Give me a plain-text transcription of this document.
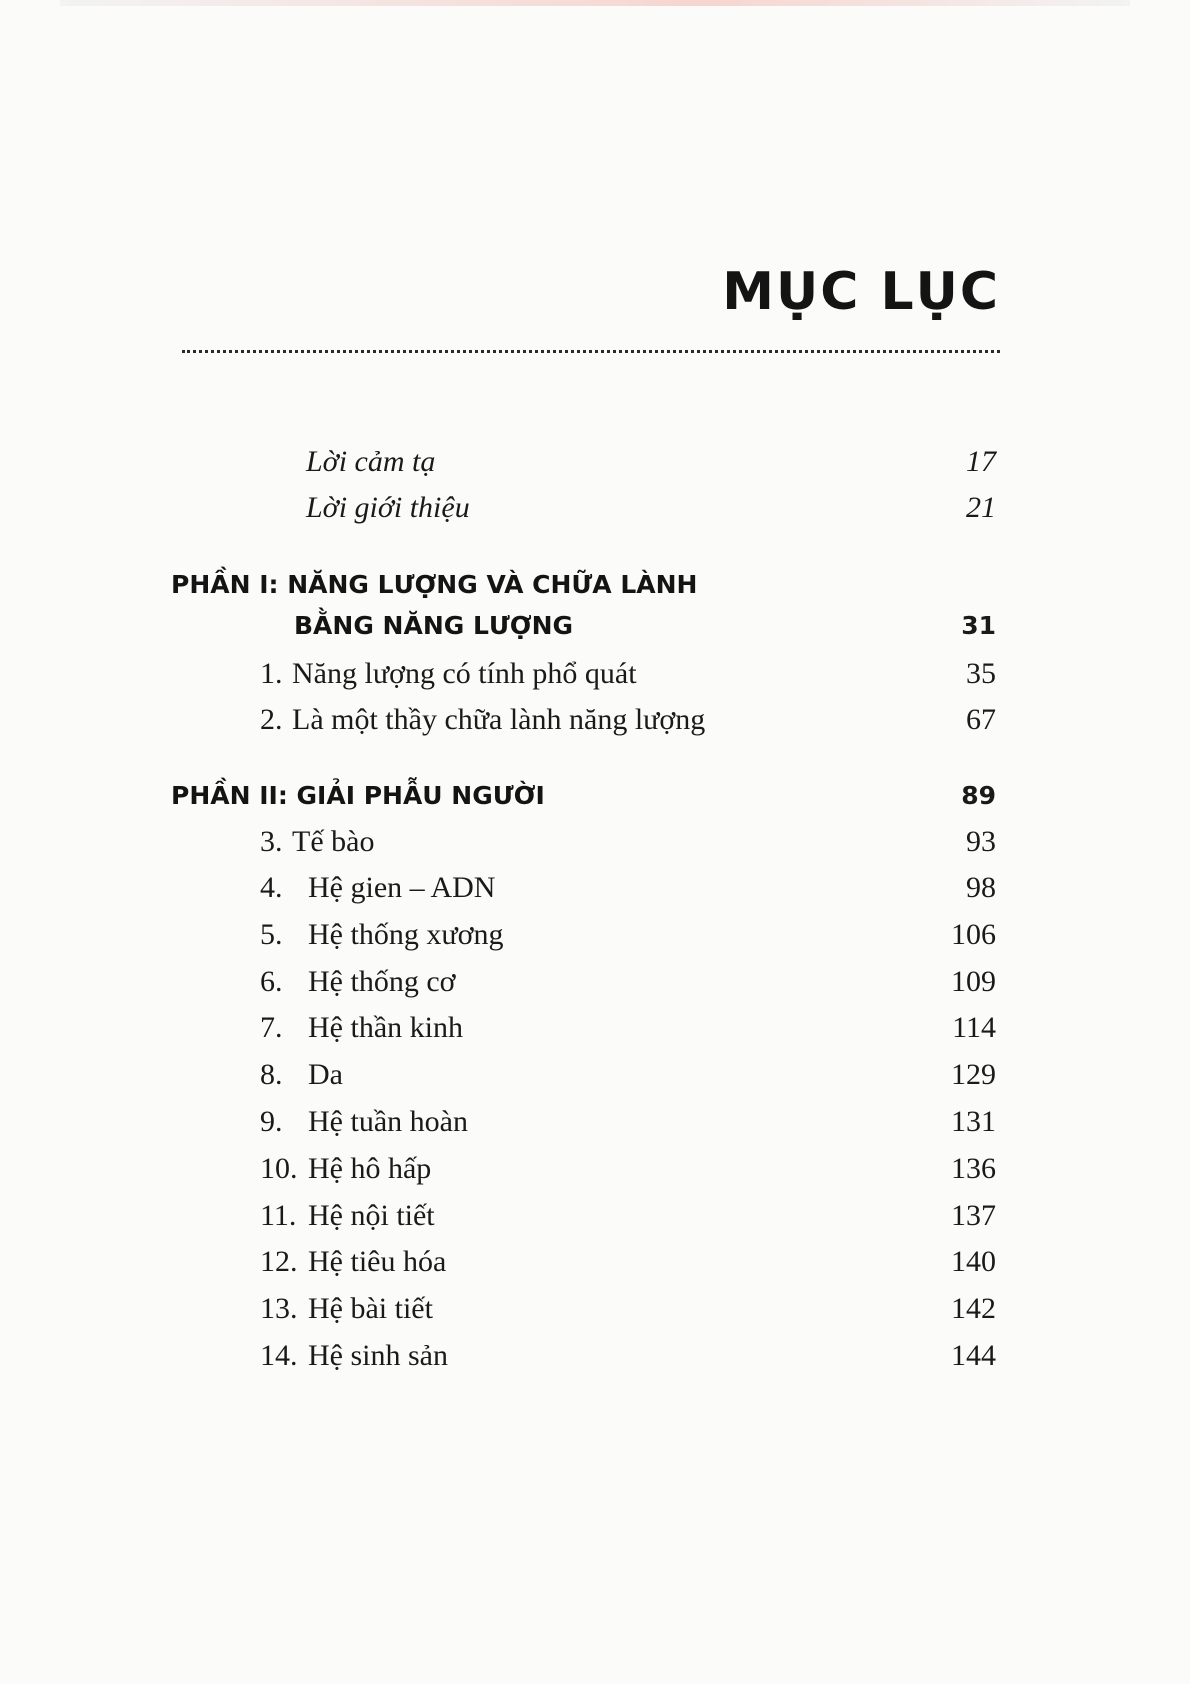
MỤC LỤC
Lời cảm tạ	17
Lời giới thiệu	21
PHẦN I: NĂNG LƯỢNG VÀ CHỮA LÀNH
BẰNG NĂNG LƯỢNG	31
1. Năng lượng có tính phổ quát	35
2. Là một thầy chữa lành năng lượng	67
PHẦN II: GIẢI PHẪU NGƯỜI	89
3. Tế bào	93
4. Hệ gien – ADN	98
5. Hệ thống xương	106
6. Hệ thống cơ	109
7. Hệ thần kinh	114
8. Da	129
9. Hệ tuần hoàn	131
10. Hệ hô hấp	136
11. Hệ nội tiết	137
12. Hệ tiêu hóa	140
13. Hệ bài tiết	142
14. Hệ sinh sản	144
